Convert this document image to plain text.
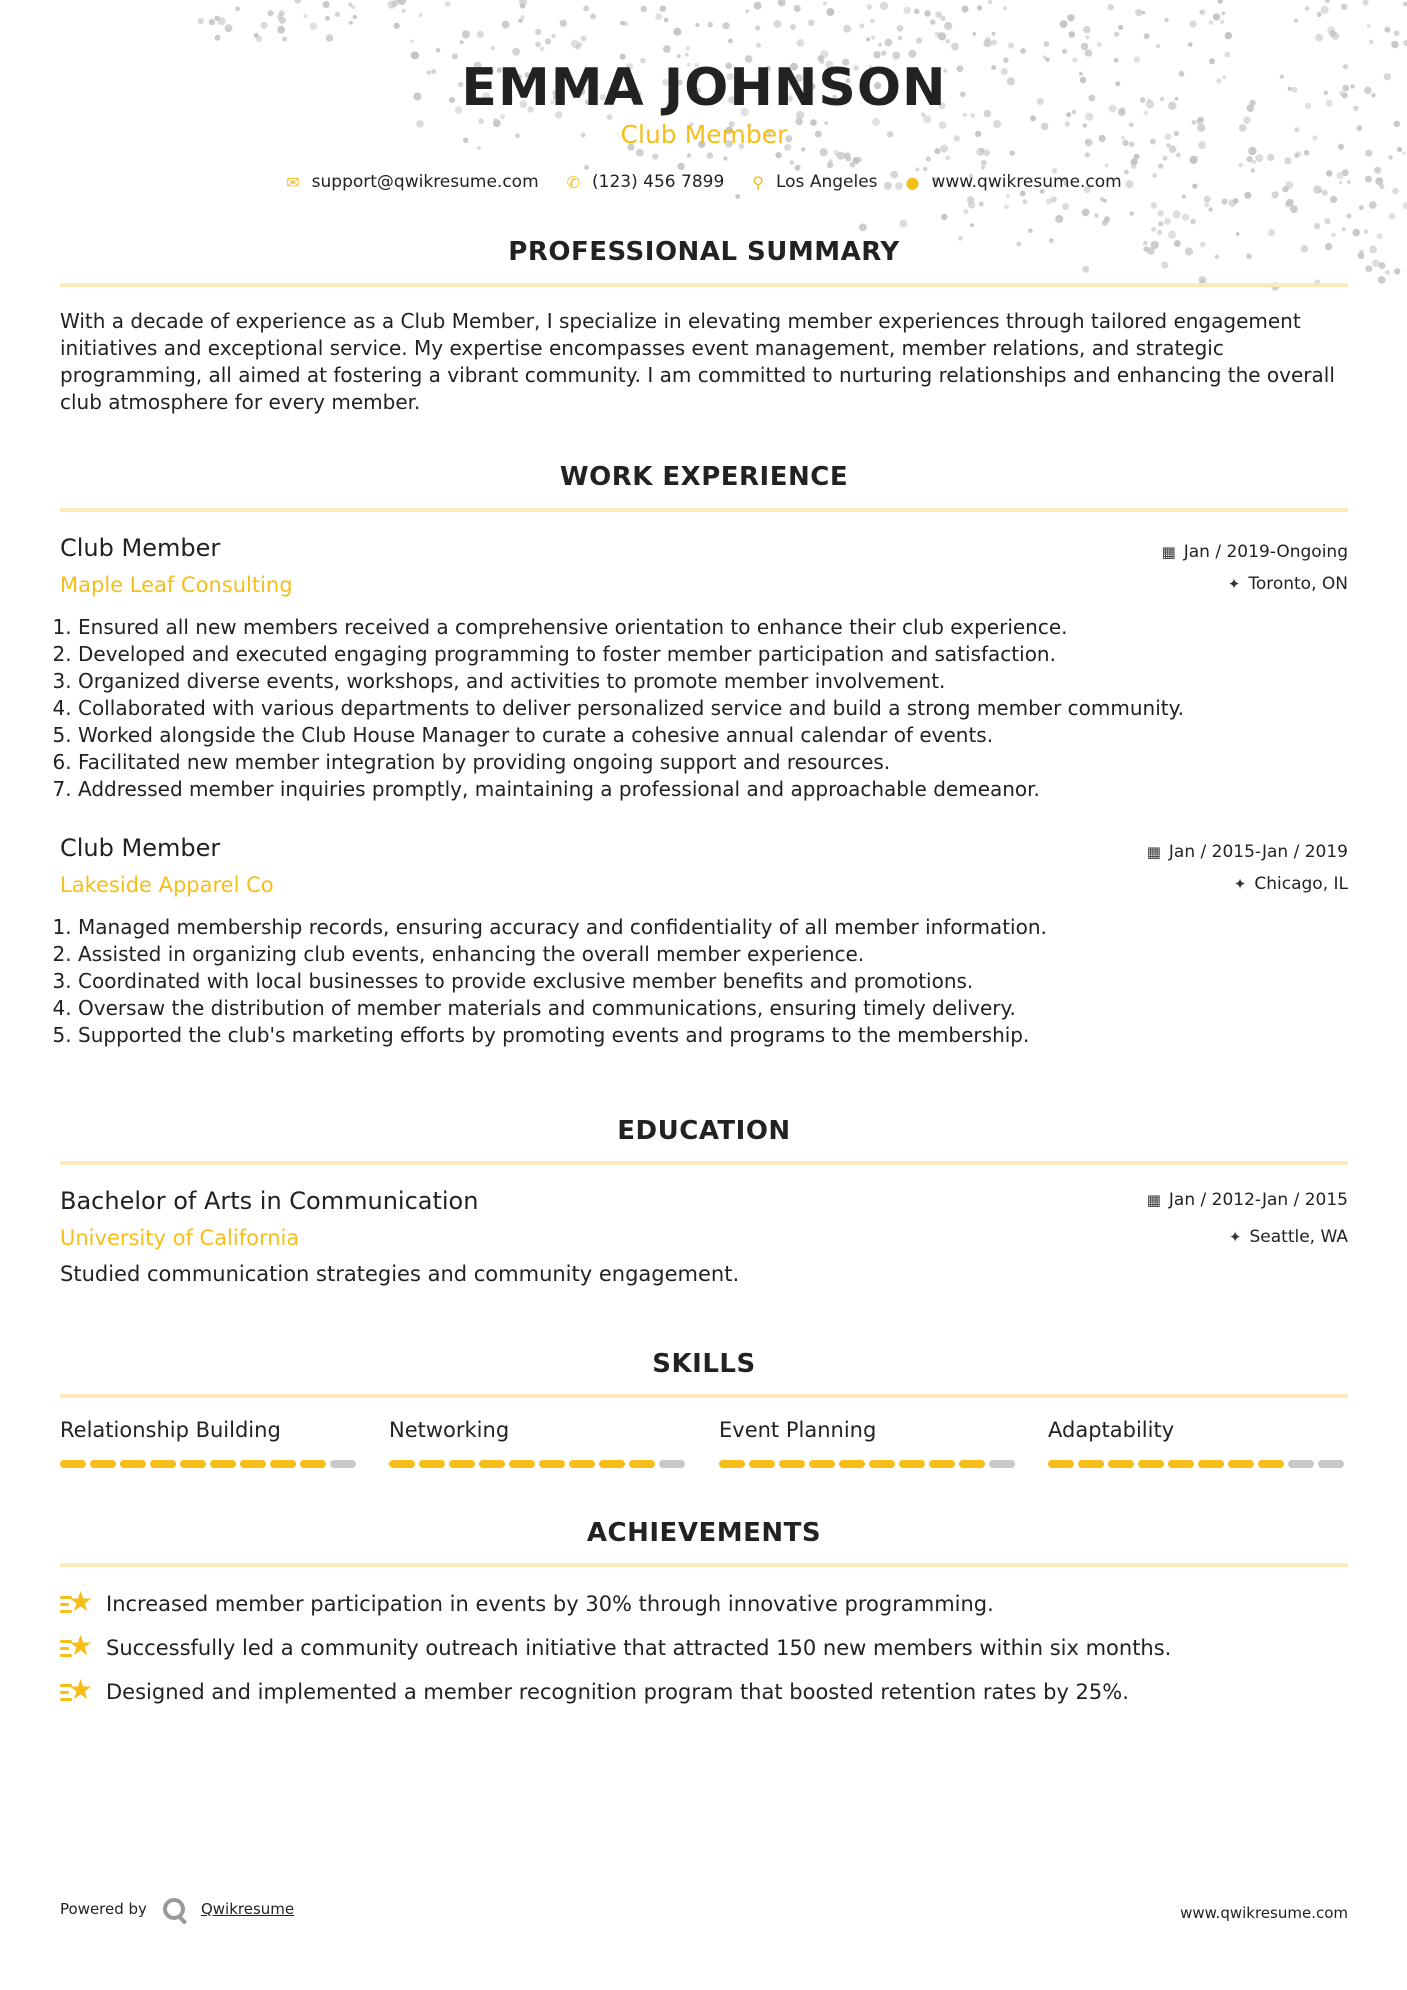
EMMA JOHNSON

Club Member

✉ support@qwikresume.com ✆ (123) 456 7899 ⚲ Los Angeles ● www.qwikresume.com
PROFESSIONAL SUMMARY

With a decade of experience as a Club Member, I specialize in elevating member experiences through tailored engagement initiatives and exceptional service. My expertise encompasses event management, member relations, and strategic programming, all aimed at fostering a vibrant community. I am committed to nurturing relationships and enhancing the overall club atmosphere for every member.

WORK EXPERIENCE

Club Member

Maple Leaf Consulting

▦ Jan / 2019-Ongoing

✦ Toronto, ON

1. Ensured all new members received a comprehensive orientation to enhance their club experience.
2. Developed and executed engaging programming to foster member participation and satisfaction.
3. Organized diverse events, workshops, and activities to promote member involvement.
4. Collaborated with various departments to deliver personalized service and build a strong member community.
5. Worked alongside the Club House Manager to curate a cohesive annual calendar of events.
6. Facilitated new member integration by providing ongoing support and resources.
7. Addressed member inquiries promptly, maintaining a professional and approachable demeanor.

Club Member

Lakeside Apparel Co

▦ Jan / 2015-Jan / 2019

✦ Chicago, IL

1. Managed membership records, ensuring accuracy and confidentiality of all member information.
2. Assisted in organizing club events, enhancing the overall member experience.
3. Coordinated with local businesses to provide exclusive member benefits and promotions.
4. Oversaw the distribution of member materials and communications, ensuring timely delivery.
5. Supported the club's marketing efforts by promoting events and programs to the membership.
EDUCATION

Bachelor of Arts in Communication

University of California

▦ Jan / 2012-Jan / 2015

✦ Seattle, WA

Studied communication strategies and community engagement.

SKILLS

Relationship Building	Networking	Event Planning	Adaptability

ACHIEVEMENTS
★ Increased member participation in events by 30% through innovative programming.
★ Successfully led a community outreach initiative that attracted 150 new members within six months.
★ Designed and implemented a member recognition program that boosted retention rates by 25%.
Powered by	Qwikresume	www.qwikresume.com
